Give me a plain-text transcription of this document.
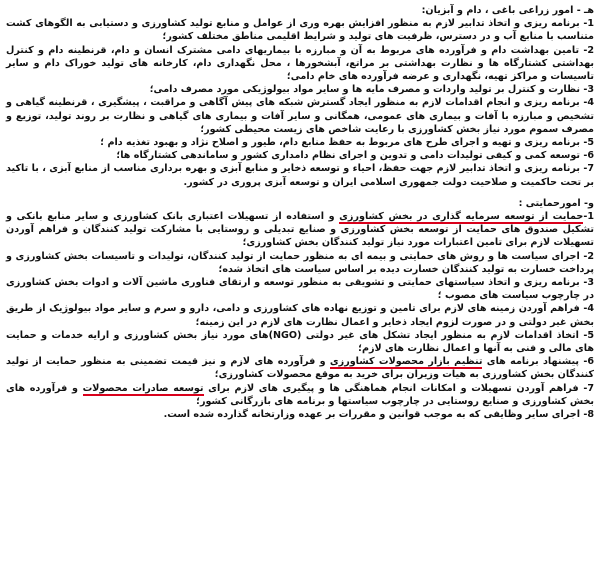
هـ - امور زراعی باغی ، دام و آبزیان:

1- برنامه ریزی و اتخاذ تدابیر لازم به منظور افزایش بهره وری از عوامل و منابع تولید کشاورزی و دستیابی به الگوهای کشت متناسب با منابع آب و در دسترس، ظرفیت های تولید و شرایط اقلیمی مناطق مختلف کشور؛

2- تامین بهداشت دام و فرآورده های مربوط به آن و مبارزه با بیماریهای دامی مشترک انسان و دام، قرنطینه دام و کنترل بهداشتی کشتارگاه ها و نظارت بهداشتی بر مراتع، آبشخورها ، محل نگهداری دام، کارخانه های تولید خوراک دام و سایر تاسیسات و مراکز تهیه، نگهداری و عرضه فرآورده های خام دامی؛

3- نظارت و کنترل بر تولید واردات و مصرف مایه ها و سایر مواد بیولوژیکی مورد مصرف دامی؛

4- برنامه ریزی و انجام اقدامات لازم به منظور ایجاد گسترش شبکه های پیش آگاهی و مراقبت ، پیشگیری ، قرنطینه گیاهی و تشخیص و مبارزه با آفات و بیماری های عمومی، همگانی و سایر آفات و بیماری های گیاهی و نظارت بر روند تولید، توزیع و مصرف سموم مورد نیاز بخش کشاورزی با رعایت شاخص های زیست محیطی کشور؛

5- برنامه ریزی و تهیه و اجرای طرح های مربوط به حفظ منابع دام، طیور و اصلاح نژاد و بهبود تغذیه دام ؛

6- توسعه کمی و کیفی تولیدات دامی و تدوین و اجرای نظام دامداری کشور و ساماندهی کشتارگاه ها؛

7- برنامه ریزی و اتخاذ تدابیر لازم جهت حفظ، احیاء و توسعه ذخایر و منابع آبزی و بهره برداری مناسب از منابع آبزی ، با تاکید بر تحت حاکمیت و صلاحیت دولت جمهوری اسلامی ایران و توسعه آبزی پروری در کشور.

و- امورحمایتی :

1-حمایت از توسعه سرمایه گذاری در بخش کشاورزی و استفاده از تسهیلات اعتباری بانک کشاورزی و سایر منابع بانکی و تشکیل صندوق های حمایت از توسعه بخش کشاورزی و صنایع تبدیلی و روستایی با مشارکت تولید کنندگان و فراهم آوردن تسهیلات لازم برای تامین اعتبارات مورد نیاز تولید کنندگان بخش کشاورزی؛

2- اجرای سیاست ها و روش های حمایتی و بیمه ای به منظور حمایت از تولید کنندگان، تولیدات و تاسیسات بخش کشاورزی و پرداخت خسارت به تولید کنندگان خسارت دیده بر اساس سیاست های اتخاذ شده؛

3- برنامه ریزی و اتخاذ سیاستهای حمایتی و تشویقی به منظور توسعه و ارتقای فناوری ماشین آلات و ادوات بخش کشاورزی در چارچوب سیاست های مصوب ؛

4- فراهم آوردن زمینه های لازم برای تامین و توزیع نهاده های کشاورزی و دامی، دارو و سرم و سایر مواد بیولوژیک از طریق بخش غیر دولتی و در صورت لزوم ایجاد ذخایر و اعمال نظارت های لازم در این زمینه؛

5- اتخاذ اقدامات لازم به منظور ایجاد تشکل های غیر دولتی (NGO)های مورد نیاز بخش کشاورزی و ارایه خدمات و حمایت های مالی و فنی به آنها و اعمال نظارت های لازم؛

6- پیشنهاد برنامه های تنظیم بازار محصولات کشاورزی و فرآورده های لازم و نیز قیمت تضمینی به منظور حمایت از تولید کنندگان بخش کشاورزی به هیات وزیران برای خرید به موقع محصولات کشاورزی؛

7- فراهم آوردن تسهیلات و امکانات انجام هماهنگی ها و پیگیری های لازم برای توسعه صادرات محصولات و فرآورده های بخش کشاورزی و صنایع روستایی در چارچوب سیاستها و برنامه های بازرگانی کشور؛

8- اجرای سایر وظایفی که به موجب قوانین و مقررات بر عهده وزارتخانه گذارده شده است.
